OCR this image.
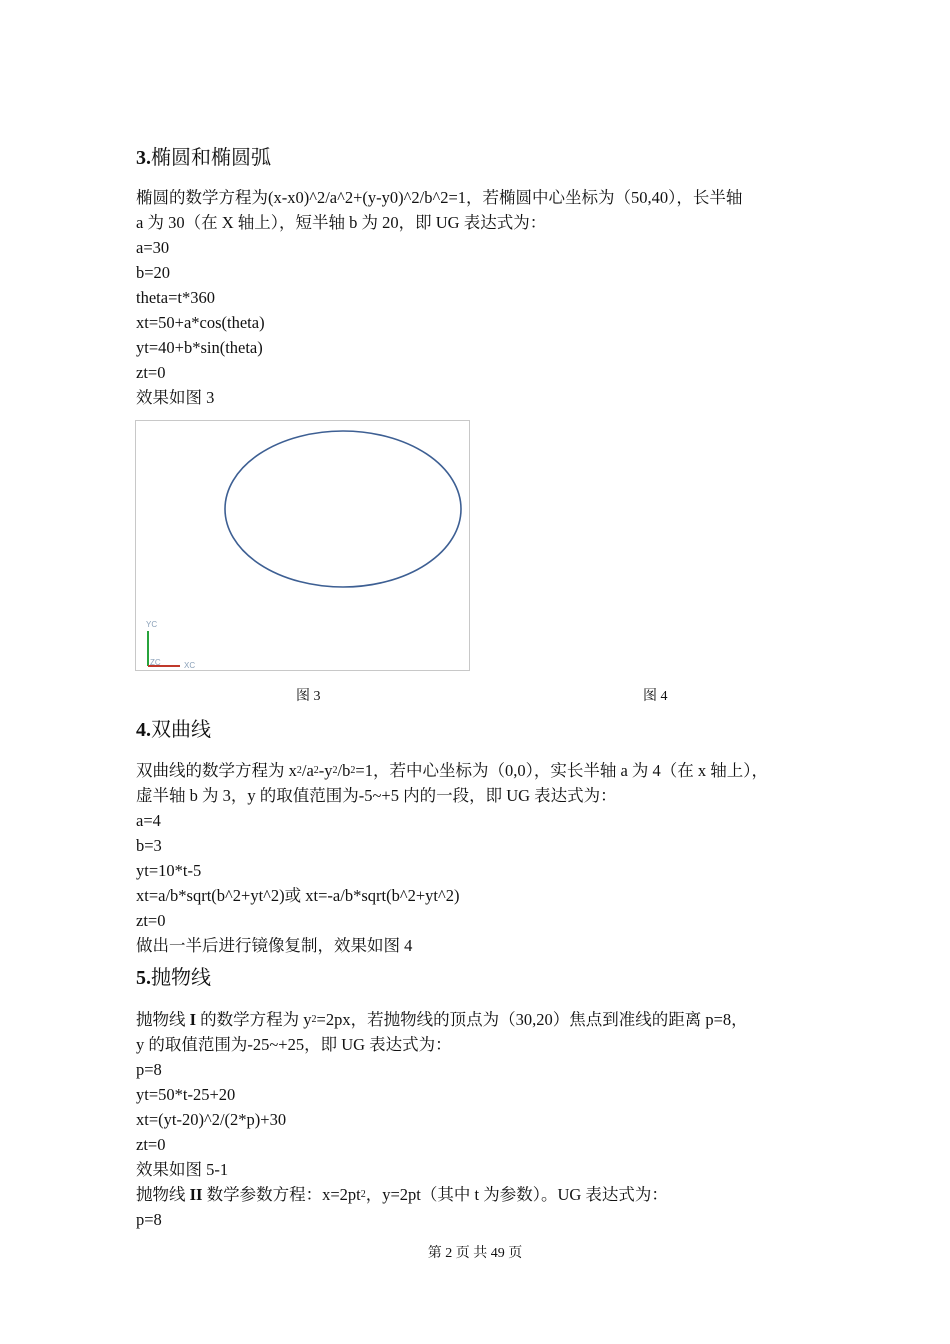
3.椭圆和椭圆弧
椭圆的数学方程为(x-x0)^2/a^2+(y-y0)^2/b^2=1，若椭圆中心坐标为（50,40），长半轴
a 为 30（在 X 轴上），短半轴 b 为 20，即 UG 表达式为：
a=30
b=20
theta=t*360
xt=50+a*cos(theta)
yt=40+b*sin(theta)
zt=0
效果如图 3
YC
ZC	XC
图 3	图 4
4.双曲线
双曲线的数学方程为 $x^2/a^2-y^2/b^2=1$，若中心坐标为（0,0），实长半轴 a 为 4（在 x 轴上），
虚半轴 b 为 3，y 的取值范围为-5~+5 内的一段，即 UG 表达式为：
a=4
b=3
yt=10*t-5
xt=a/b*sqrt(b^2+yt^2)或 xt=-a/b*sqrt(b^2+yt^2)
zt=0
做出一半后进行镜像复制，效果如图 4
5.抛物线
抛物线 I 的数学方程为 $y^2=2px$，若抛物线的顶点为（30,20）焦点到准线的距离 p=8，
y 的取值范围为-25~+25，即 UG 表达式为：
p=8
yt=50*t-25+20
xt=(yt-20)^2/(2*p)+30
zt=0
效果如图 5-1
抛物线 II 数学参数方程：$x=2pt^2$，y=2pt（其中 t 为参数）。UG 表达式为：
p=8
第 2 页 共 49 页
